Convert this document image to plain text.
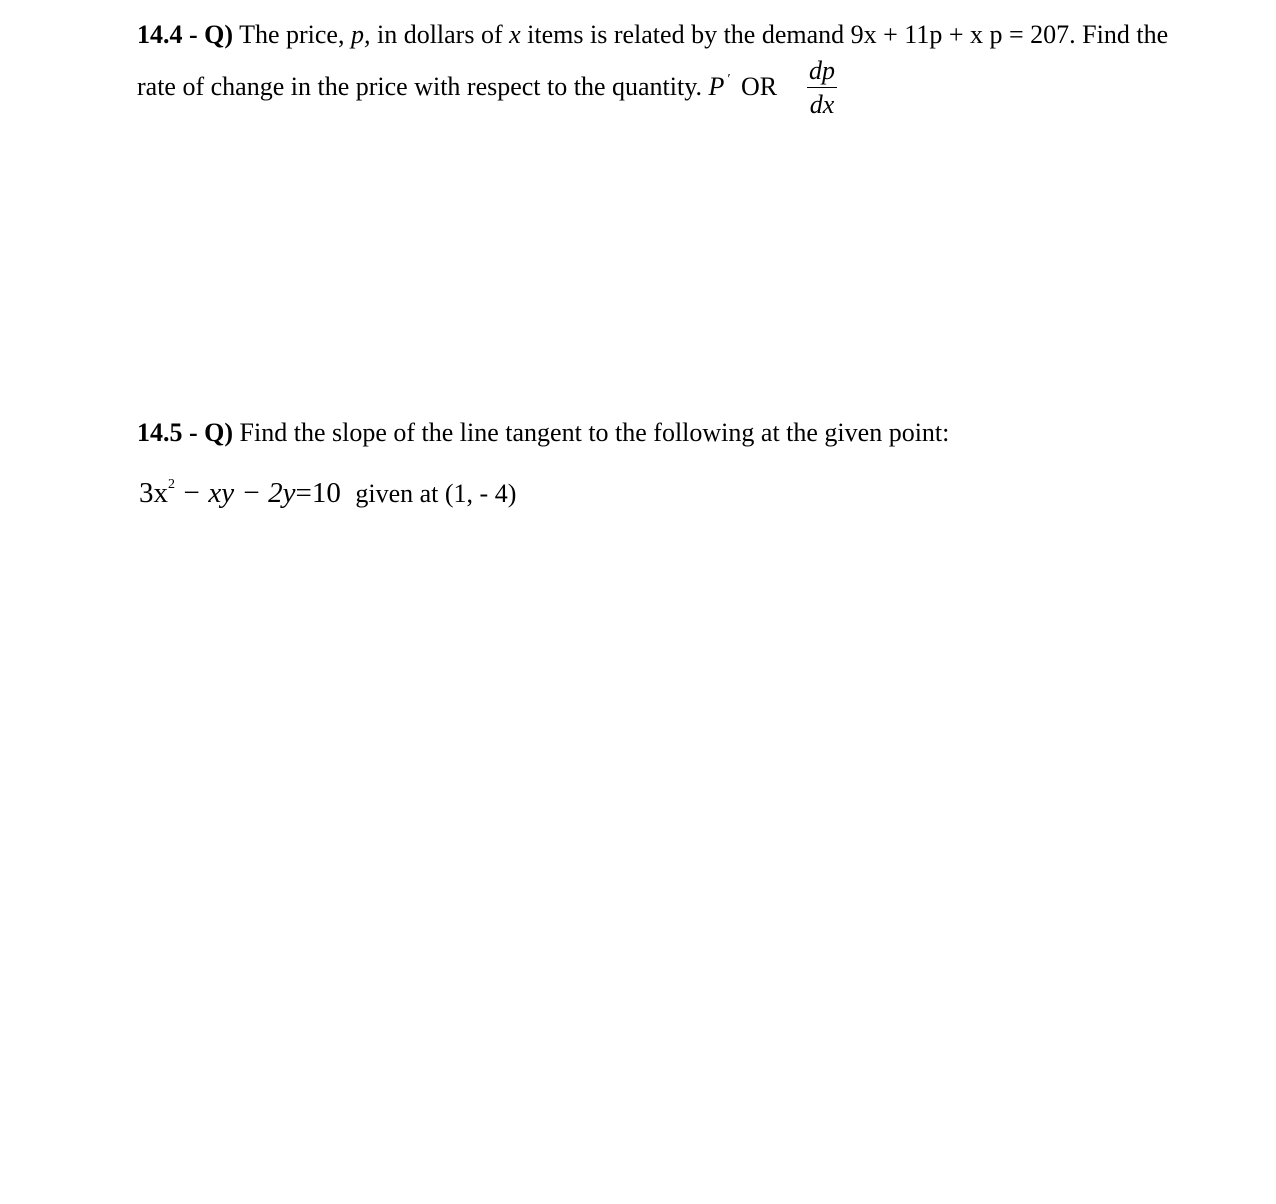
14.4 - Q) The price, p, in dollars of x items is related by the demand 9x + 11p + x p = 207. Find the
rate of change in the price with respect to the quantity. P ′ OR
dp
dx
14.5 - Q) Find the slope of the line tangent to the following at the given point:
$3x^2$ − xy − 2y=10 given at (1, - 4)
